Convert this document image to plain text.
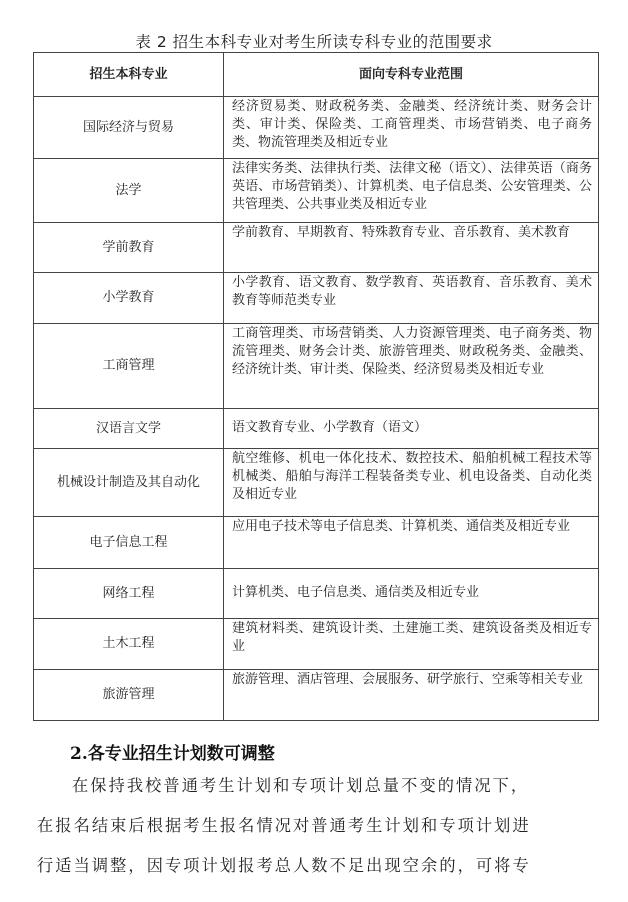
表 2 招生本科专业对考生所读专科专业的范围要求
招生本科专业	面向专科专业范围
国际经济与贸易	经济贸易类、财政税务类、金融类、经济统计类、财务会计类、审计类、保险类、工商管理类、市场营销类、电子商务类、物流管理类及相近专业
法学	法律实务类、法律执行类、法律文秘（语文）、法律英语（商务英语、市场营销类）、计算机类、电子信息类、公安管理类、公共管理类、公共事业类及相近专业
学前教育	学前教育、早期教育、特殊教育专业、音乐教育、美术教育
小学教育	小学教育、语文教育、数学教育、英语教育、音乐教育、美术教育等师范类专业
工商管理	工商管理类、市场营销类、人力资源管理类、电子商务类、物流管理类、财务会计类、旅游管理类、财政税务类、金融类、经济统计类、审计类、保险类、经济贸易类及相近专业
汉语言文学	语文教育专业、小学教育（语文）
机械设计制造及其自动化	航空维修、机电一体化技术、数控技术、船舶机械工程技术等机械类、船舶与海洋工程装备类专业、机电设备类、自动化类及相近专业
电子信息工程	应用电子技术等电子信息类、计算机类、通信类及相近专业
网络工程	计算机类、电子信息类、通信类及相近专业
土木工程	建筑材料类、建筑设计类、土建施工类、建筑设备类及相近专业
旅游管理	旅游管理、酒店管理、会展服务、研学旅行、空乘等相关专业
2.各专业招生计划数可调整
在保持我校普通考生计划和专项计划总量不变的情况下，
在报名结束后根据考生报名情况对普通考生计划和专项计划进
行适当调整，因专项计划报考总人数不足出现空余的，可将专
